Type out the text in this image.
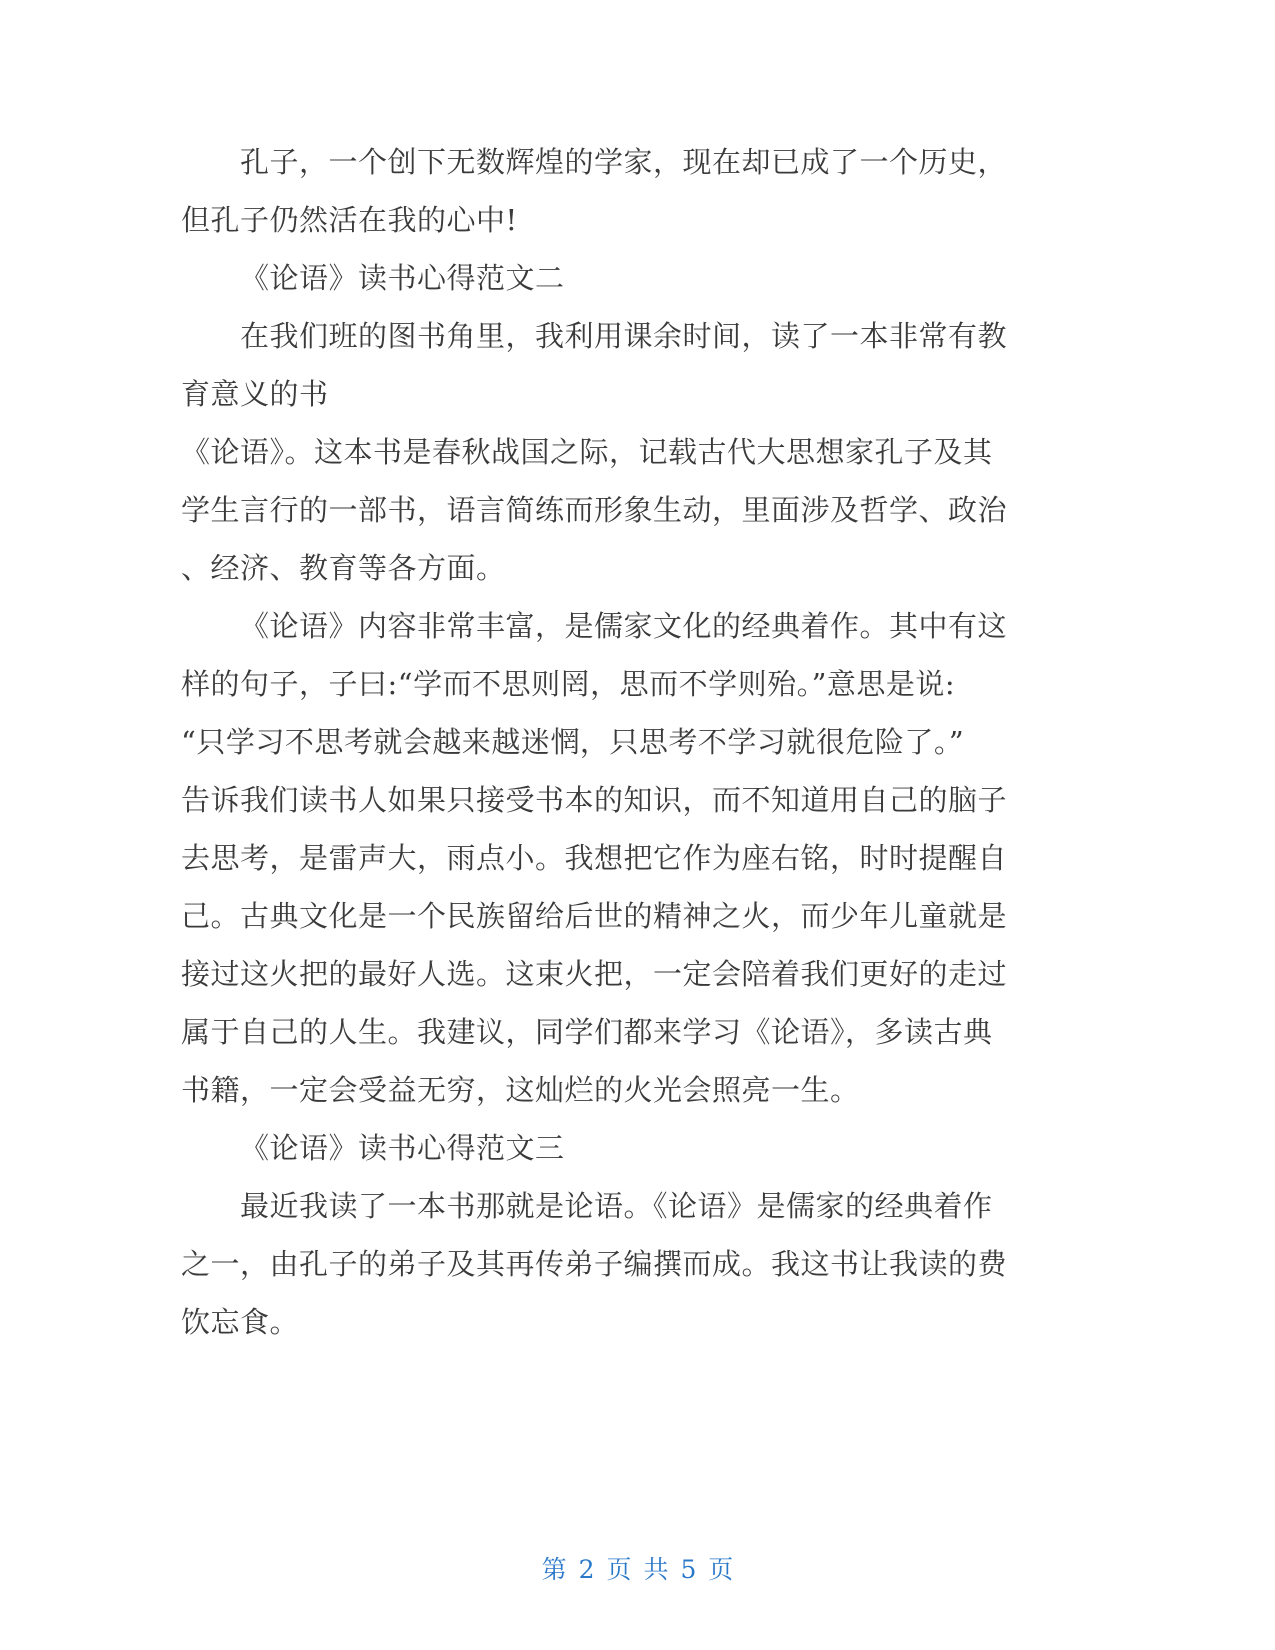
孔子，一个创下无数辉煌的学家，现在却已成了一个历史，

但孔子仍然活在我的心中!

《论语》读书心得范文二

在我们班的图书角里，我利用课余时间，读了一本非常有教

育意义的书

《论语》。这本书是春秋战国之际，记载古代大思想家孔子及其

学生言行的一部书，语言简练而形象生动，里面涉及哲学、政治

、经济、教育等各方面。

《论语》内容非常丰富，是儒家文化的经典着作。其中有这

样的句子，子曰:“学而不思则罔，思而不学则殆。”意思是说:

“只学习不思考就会越来越迷惘，只思考不学习就很危险了。”

告诉我们读书人如果只接受书本的知识，而不知道用自己的脑子

去思考，是雷声大，雨点小。我想把它作为座右铭，时时提醒自

己。古典文化是一个民族留给后世的精神之火，而少年儿童就是

接过这火把的最好人选。这束火把，一定会陪着我们更好的走过

属于自己的人生。我建议，同学们都来学习《论语》，多读古典

书籍，一定会受益无穷，这灿烂的火光会照亮一生。

《论语》读书心得范文三

最近我读了一本书那就是论语。《论语》是儒家的经典着作

之一，由孔子的弟子及其再传弟子编撰而成。我这书让我读的费

饮忘食。

第 2 页 共 5 页
